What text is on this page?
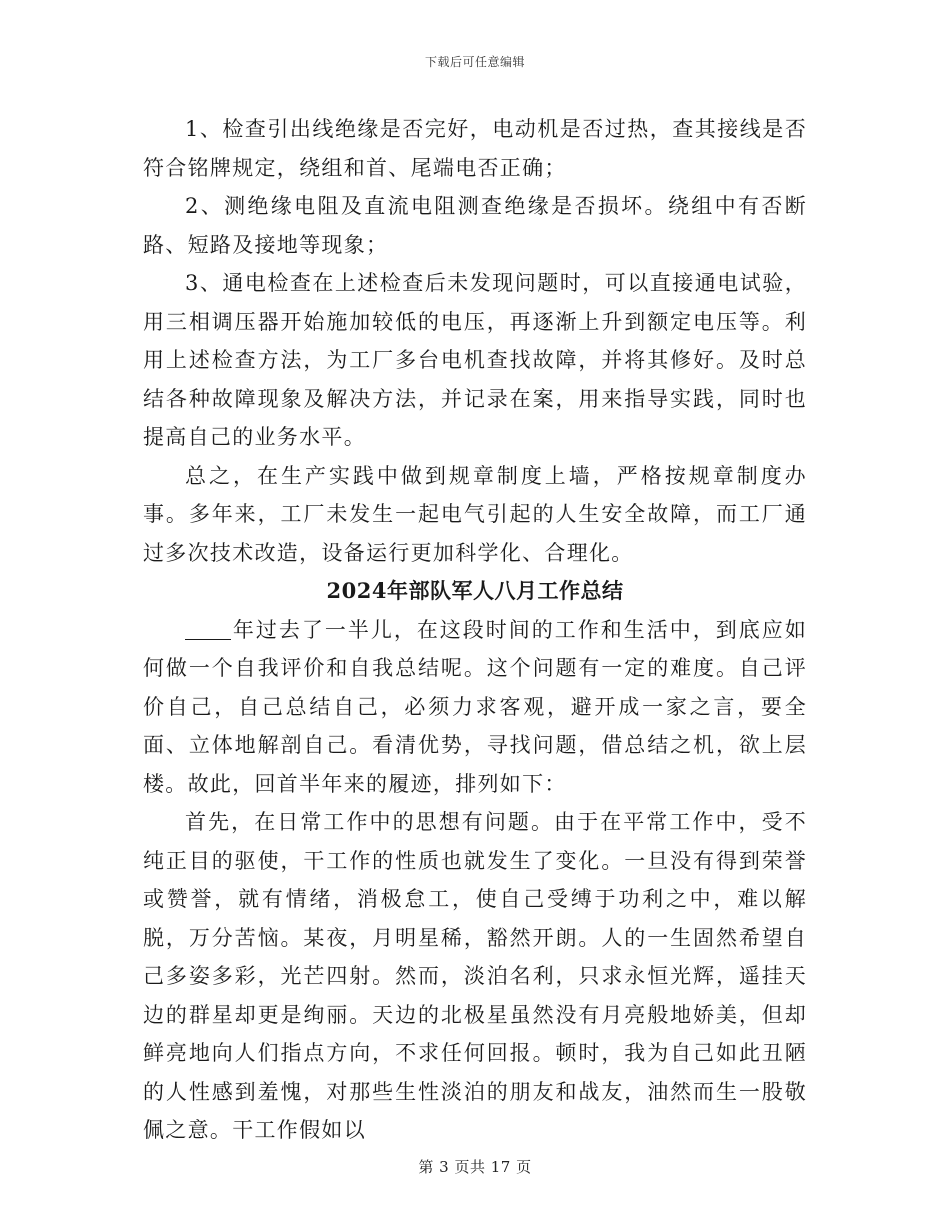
下载后可任意编辑

1、检查引出线绝缘是否完好，电动机是否过热，查其接线是否符合铭牌规定，绕组和首、尾端电否正确；

2、测绝缘电阻及直流电阻测查绝缘是否损坏。绕组中有否断路、短路及接地等现象；

3、通电检查在上述检查后未发现问题时，可以直接通电试验，用三相调压器开始施加较低的电压，再逐渐上升到额定电压等。利用上述检查方法，为工厂多台电机查找故障，并将其修好。及时总结各种故障现象及解决方法，并记录在案，用来指导实践，同时也提高自己的业务水平。

总之，在生产实践中做到规章制度上墙，严格按规章制度办事。多年来，工厂未发生一起电气引起的人生安全故障，而工厂通过多次技术改造，设备运行更加科学化、合理化。

2024年部队军人八月工作总结

年过去了一半儿，在这段时间的工作和生活中，到底应如何做一个自我评价和自我总结呢。这个问题有一定的难度。自己评价自己，自己总结自己，必须力求客观，避开成一家之言，要全面、立体地解剖自己。看清优势，寻找问题，借总结之机，欲上层楼。故此，回首半年来的履迹，排列如下：

首先，在日常工作中的思想有问题。由于在平常工作中，受不纯正目的驱使，干工作的性质也就发生了变化。一旦没有得到荣誉或赞誉，就有情绪，消极怠工，使自己受缚于功利之中，难以解脱，万分苦恼。某夜，月明星稀，豁然开朗。人的一生固然希望自己多姿多彩，光芒四射。然而，淡泊名利，只求永恒光辉，遥挂天边的群星却更是绚丽。天边的北极星虽然没有月亮般地娇美，但却鲜亮地向人们指点方向，不求任何回报。顿时，我为自己如此丑陋的人性感到羞愧，对那些生性淡泊的朋友和战友，油然而生一股敬佩之意。干工作假如以

第 3 页共 17 页
